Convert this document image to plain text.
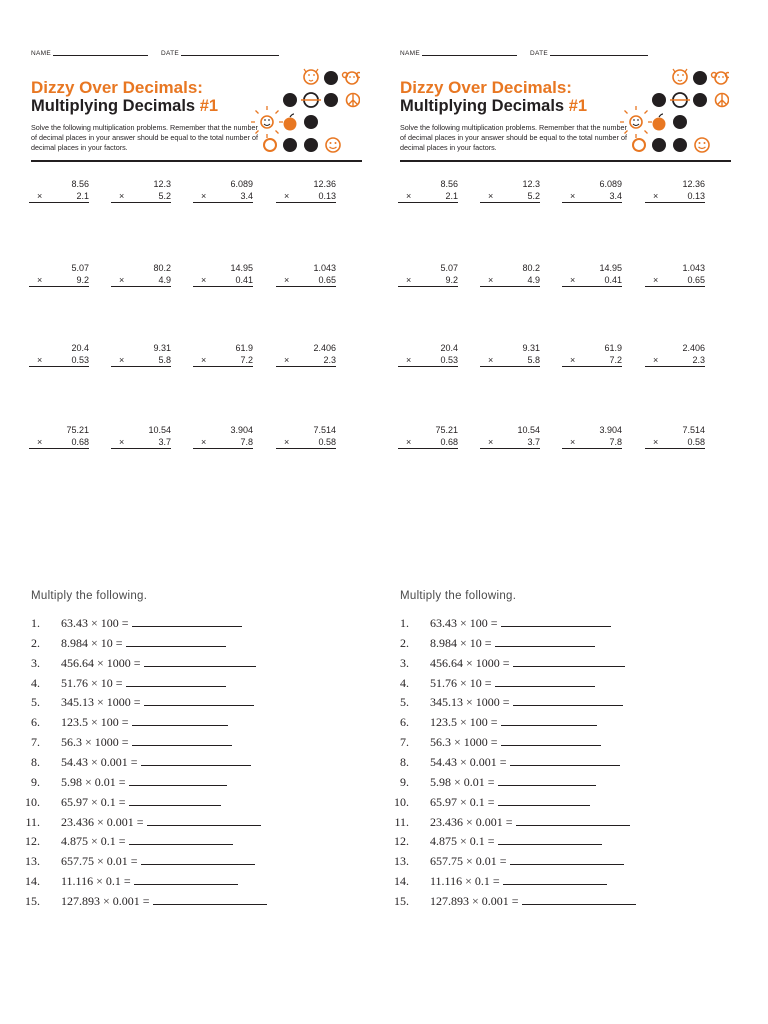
NAME	DATE
Dizzy Over Decimals:
Multiplying Decimals #1
Solve the following multiplication problems. Remember that the number of decimal places in your answer should be equal to the total number of decimal places in your factors.
8.56
×	2.1
12.3
×	5.2
6.089
×	3.4
12.36
×	0.13
5.07
×	9.2
80.2
×	4.9
14.95
×	0.41
1.043
×	0.65
20.4
×	0.53
9.31
×	5.8
61.9
×	7.2
2.406
×	2.3
75.21
×	0.68
10.54
×	3.7
3.904
×	7.8
7.514
×	0.58
Multiply the following.
1. 63.43 × 100 =
2. 8.984 × 10 =
3. 456.64 × 1000 =
4. 51.76 × 10 =
5. 345.13 × 1000 =
6. 123.5 × 100 =
7. 56.3 × 1000 =
8. 54.43 × 0.001 =
9. 5.98 × 0.01 =
10. 65.97 × 0.1 =
11. 23.436 × 0.001 =
12. 4.875 × 0.1 =
13. 657.75 × 0.01 =
14. 11.116 × 0.1 =
15. 127.893 × 0.001 =
NAME	DATE
Dizzy Over Decimals:
Multiplying Decimals #1
Solve the following multiplication problems. Remember that the number of decimal places in your answer should be equal to the total number of decimal places in your factors.
8.56
×	2.1
12.3
×	5.2
6.089
×	3.4
12.36
×	0.13
5.07
×	9.2
80.2
×	4.9
14.95
×	0.41
1.043
×	0.65
20.4
×	0.53
9.31
×	5.8
61.9
×	7.2
2.406
×	2.3
75.21
×	0.68
10.54
×	3.7
3.904
×	7.8
7.514
×	0.58
Multiply the following.
1. 63.43 × 100 =
2. 8.984 × 10 =
3. 456.64 × 1000 =
4. 51.76 × 10 =
5. 345.13 × 1000 =
6. 123.5 × 100 =
7. 56.3 × 1000 =
8. 54.43 × 0.001 =
9. 5.98 × 0.01 =
10. 65.97 × 0.1 =
11. 23.436 × 0.001 =
12. 4.875 × 0.1 =
13. 657.75 × 0.01 =
14. 11.116 × 0.1 =
15. 127.893 × 0.001 =
